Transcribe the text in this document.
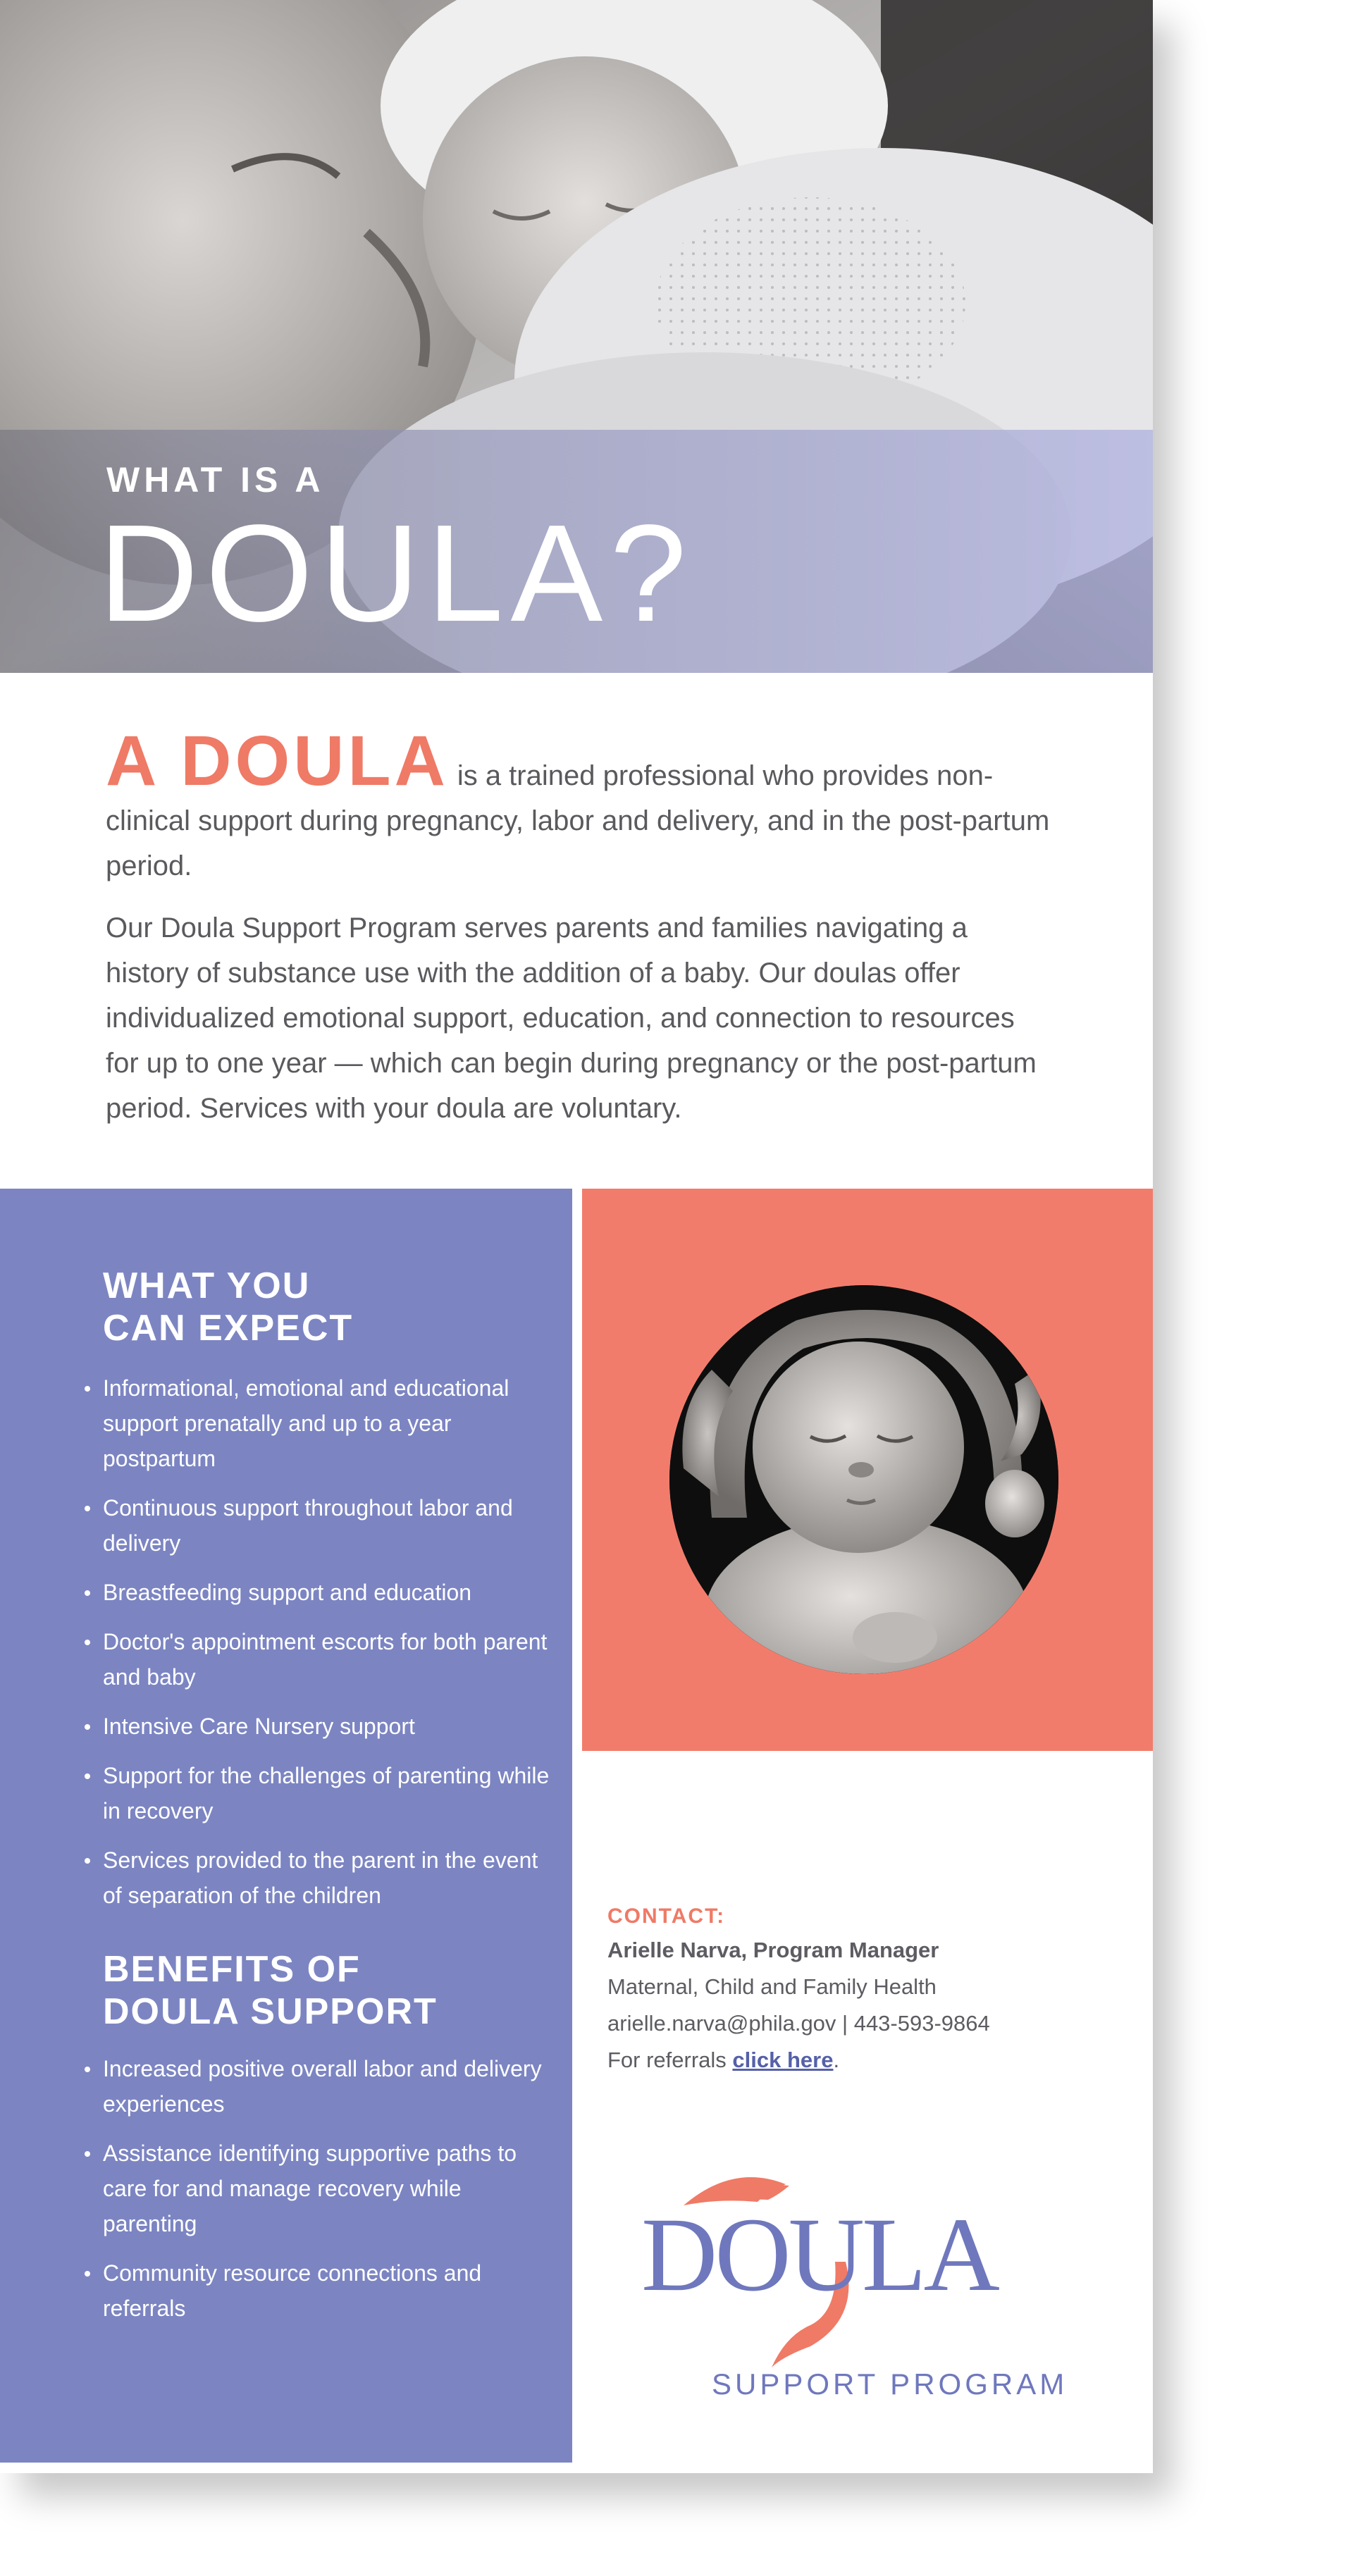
WHAT IS A
DOULA?

A DOULA is a trained professional who provides non-clinical support during pregnancy, labor and delivery, and in the post-partum period.

Our Doula Support Program serves parents and families navigating a history of substance use with the addition of a baby. Our doulas offer individualized emotional support, education, and connection to resources for up to one year — which can begin during pregnancy or the post-partum period. Services with your doula are voluntary.

WHAT YOU
CAN EXPECT
Informational, emotional and educational support prenatally and up to a year postpartum
Continuous support throughout labor and delivery
Breastfeeding support and education
Doctor's appointment escorts for both parent and baby
Intensive Care Nursery support
Support for the challenges of parenting while in recovery
Services provided to the parent in the event of separation of the children
BENEFITS OF
DOULA SUPPORT
Increased positive overall labor and delivery experiences
Assistance identifying supportive paths to care for and manage recovery while parenting
Community resource connections and referrals

CONTACT:

Arielle Narva, Program Manager

Maternal, Child and Family Health

arielle.narva@phila.gov | 443-593-9864

For referrals click here.

DOULA
SUPPORT PROGRAM
